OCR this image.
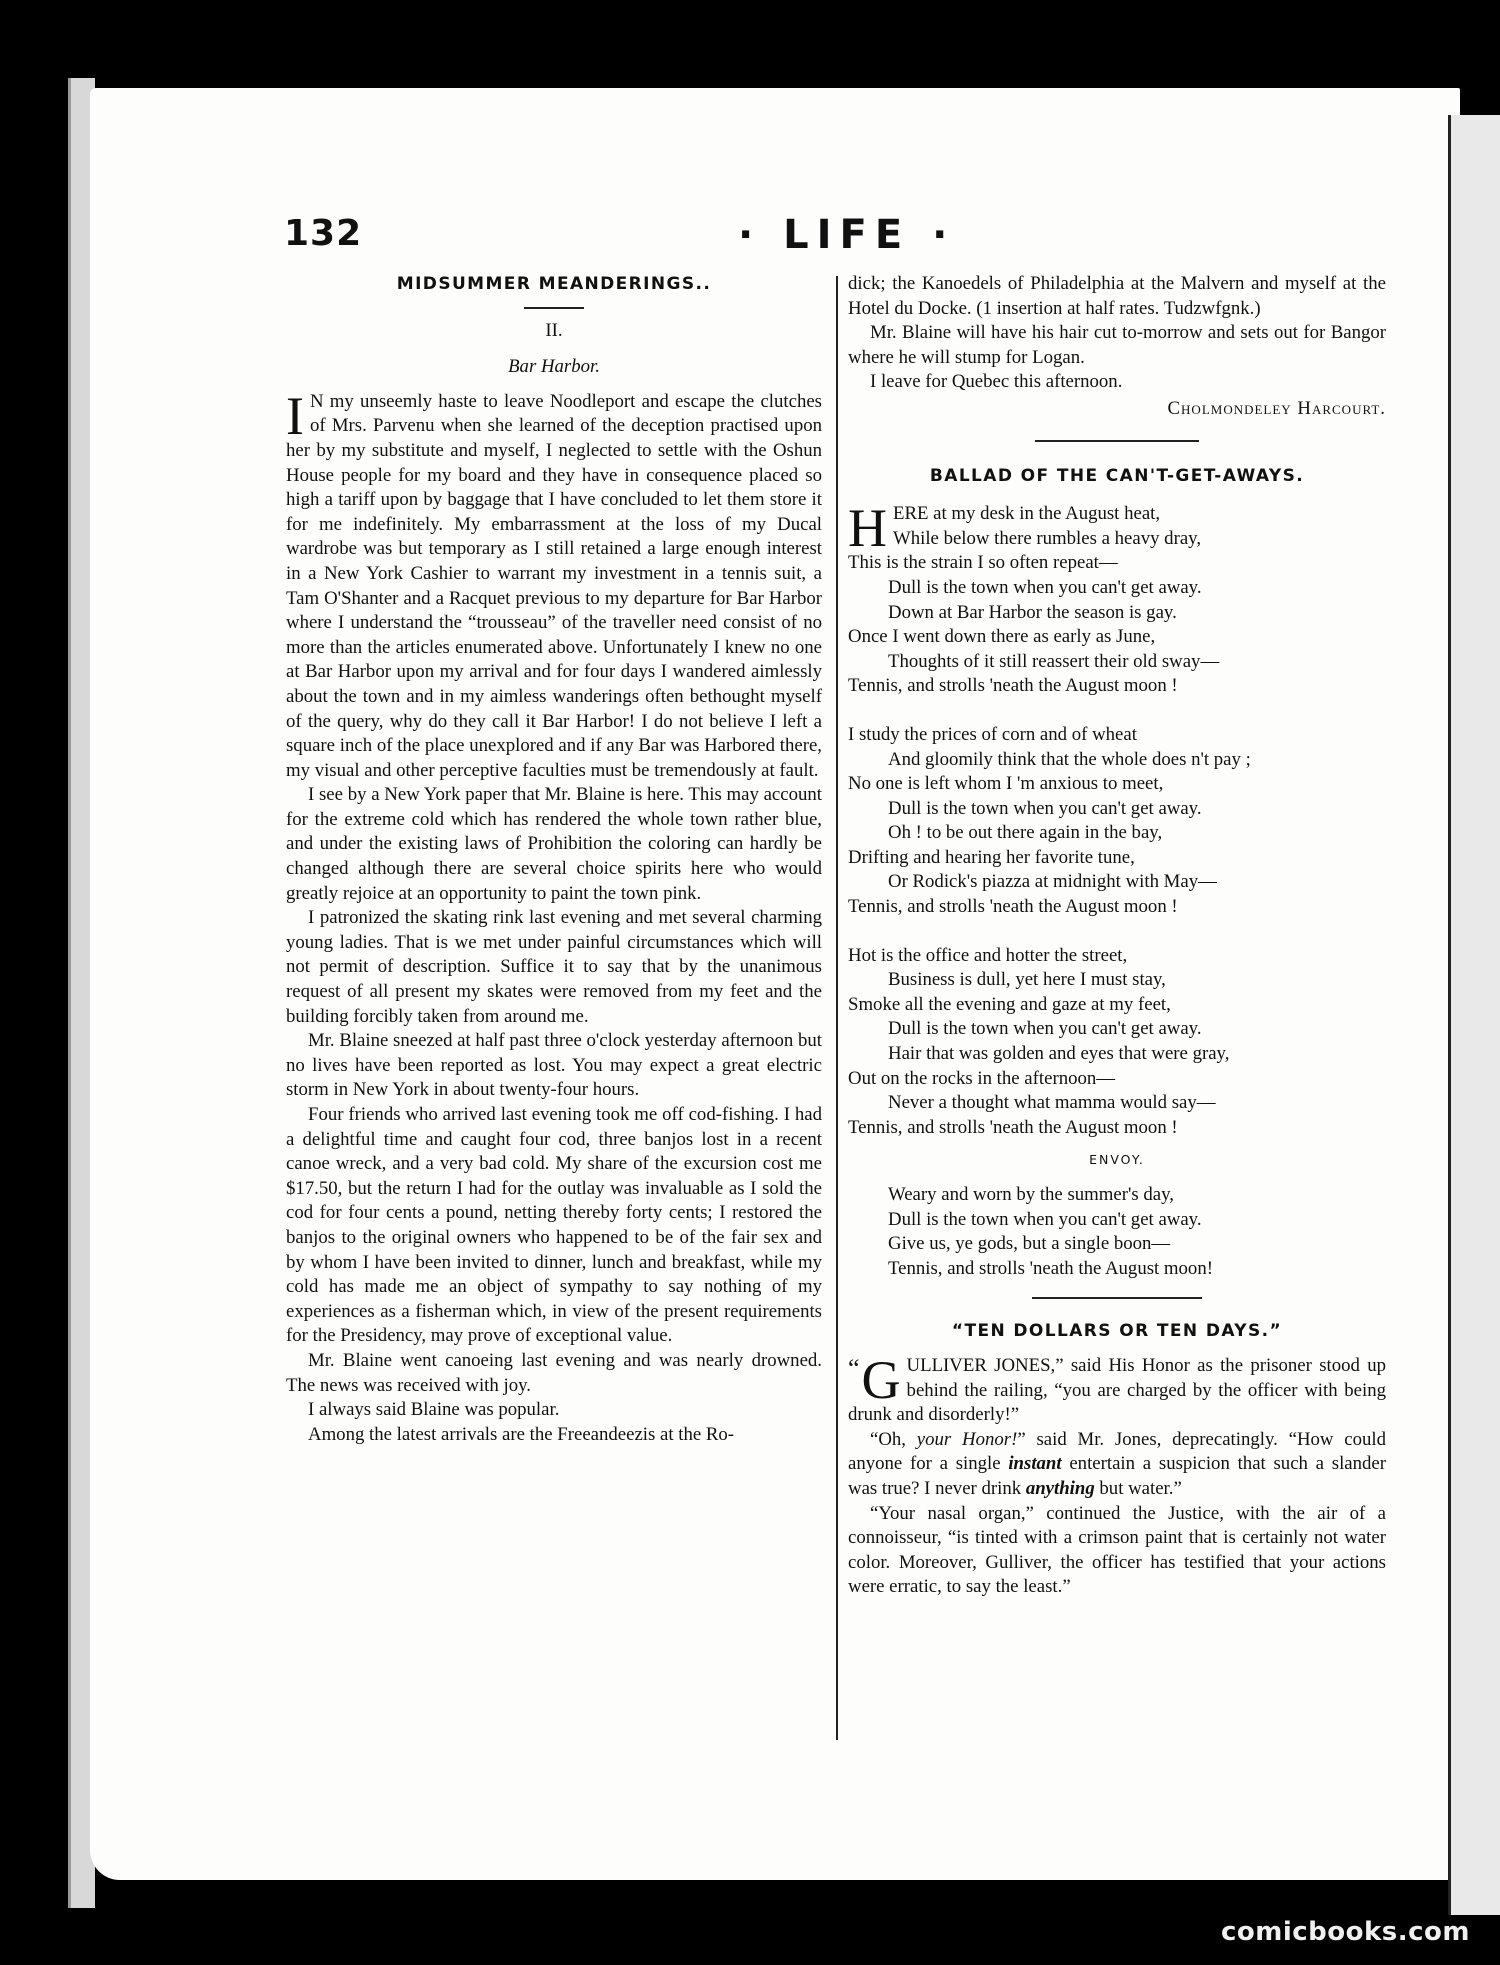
132	· LIFE ·
MIDSUMMER MEANDERINGS..
II.
Bar Harbor.

I N my unseemly haste to leave Noodleport and escape the clutches of Mrs. Parvenu when she learned of the deception practised upon her by my substitute and myself, I neglected to settle with the Oshun House people for my board and they have in consequence placed so high a tariff upon by baggage that I have concluded to let them store it for me indefinitely. My embarrassment at the loss of my Ducal wardrobe was but temporary as I still retained a large enough interest in a New York Cashier to warrant my investment in a tennis suit, a Tam O'Shanter and a Racquet previous to my departure for Bar Harbor where I understand the “trousseau” of the traveller need consist of no more than the articles enumerated above. Unfortunately I knew no one at Bar Harbor upon my arrival and for four days I wandered aimlessly about the town and in my aimless wanderings often bethought myself of the query, why do they call it Bar Harbor! I do not believe I left a square inch of the place unexplored and if any Bar was Harbored there, my visual and other perceptive faculties must be tremendously at fault.

I see by a New York paper that Mr. Blaine is here. This may account for the extreme cold which has rendered the whole town rather blue, and under the existing laws of Prohibition the coloring can hardly be changed although there are several choice spirits here who would greatly rejoice at an opportunity to paint the town pink.

I patronized the skating rink last evening and met several charming young ladies. That is we met under painful circumstances which will not permit of description. Suffice it to say that by the unanimous request of all present my skates were removed from my feet and the building forcibly taken from around me.

Mr. Blaine sneezed at half past three o'clock yesterday afternoon but no lives have been reported as lost. You may expect a great electric storm in New York in about twenty-four hours.

Four friends who arrived last evening took me off cod-fishing. I had a delightful time and caught four cod, three banjos lost in a recent canoe wreck, and a very bad cold. My share of the excursion cost me $17.50, but the return I had for the outlay was invaluable as I sold the cod for four cents a pound, netting thereby forty cents; I restored the banjos to the original owners who happened to be of the fair sex and by whom I have been invited to dinner, lunch and breakfast, while my cold has made me an object of sympathy to say nothing of my experiences as a fisherman which, in view of the present requirements for the Presidency, may prove of exceptional value.

Mr. Blaine went canoeing last evening and was nearly drowned. The news was received with joy.

I always said Blaine was popular.

Among the latest arrivals are the Freeandeezis at the Ro-

dick; the Kanoedels of Philadelphia at the Malvern and myself at the Hotel du Docke. (1 insertion at half rates. Tudzwfgnk.)

Mr. Blaine will have his hair cut to-morrow and sets out for Bangor where he will stump for Logan.

I leave for Quebec this afternoon.

Cholmondeley Harcourt.

BALLAD OF THE CAN'T-GET-AWAYS.
HERE at my desk in the August heat,
While below there rumbles a heavy dray,
This is the strain I so often repeat—
Dull is the town when you can't get away.
Down at Bar Harbor the season is gay.
Once I went down there as early as June,
Thoughts of it still reassert their old sway—
Tennis, and strolls 'neath the August moon !
I study the prices of corn and of wheat
And gloomily think that the whole does n't pay ;
No one is left whom I 'm anxious to meet,
Dull is the town when you can't get away.
Oh ! to be out there again in the bay,
Drifting and hearing her favorite tune,
Or Rodick's piazza at midnight with May—
Tennis, and strolls 'neath the August moon !
Hot is the office and hotter the street,
Business is dull, yet here I must stay,
Smoke all the evening and gaze at my feet,
Dull is the town when you can't get away.
Hair that was golden and eyes that were gray,
Out on the rocks in the afternoon—
Never a thought what mamma would say—
Tennis, and strolls 'neath the August moon !
ENVOY.
Weary and worn by the summer's day,
Dull is the town when you can't get away.
Give us, ye gods, but a single boon—
Tennis, and strolls 'neath the August moon!
“TEN DOLLARS OR TEN DAYS.”

“ G ULLIVER JONES,” said His Honor as the prisoner stood up behind the railing, “you are charged by the officer with being drunk and disorderly!”

“Oh, your Honor!” said Mr. Jones, deprecatingly. “How could anyone for a single instant entertain a suspicion that such a slander was true? I never drink anything but water.”

“Your nasal organ,” continued the Justice, with the air of a connoisseur, “is tinted with a crimson paint that is certainly not water color. Moreover, Gulliver, the officer has testified that your actions were erratic, to say the least.”

comicbooks.com
